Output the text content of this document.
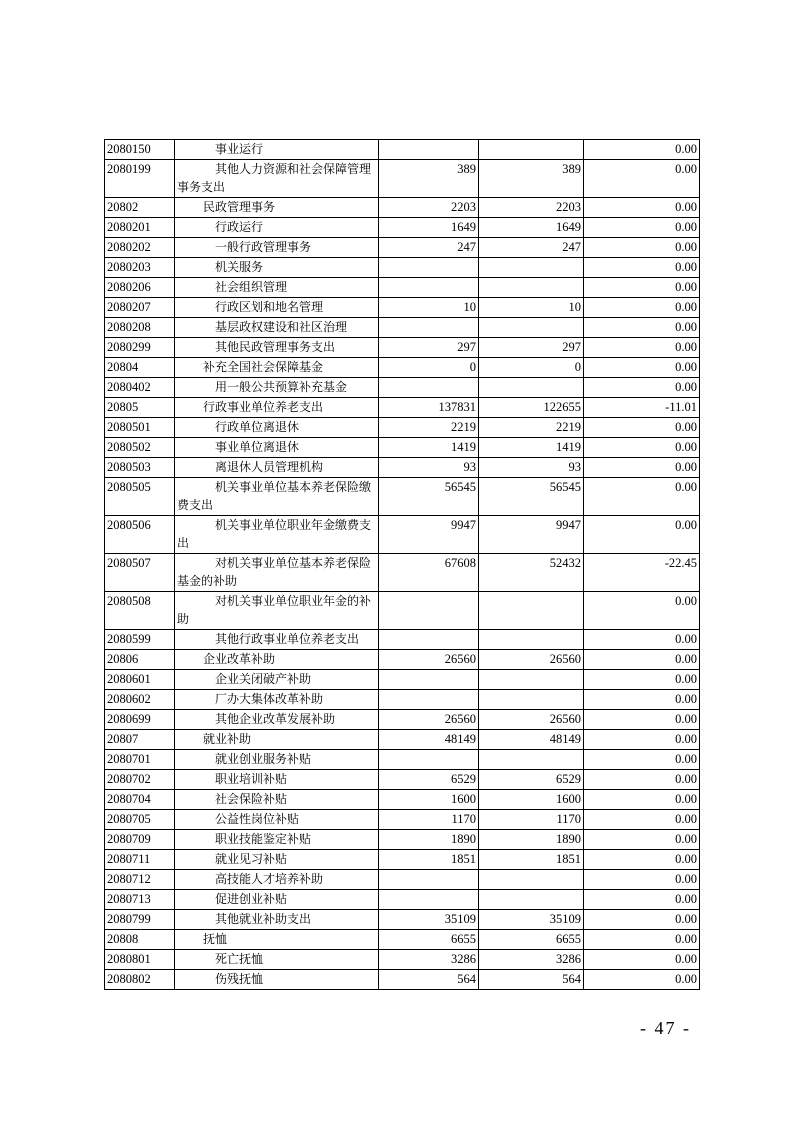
2080150	事业运行			0.00
2080199	其他人力资源和社会保障管理事务支出	389	389	0.00
20802	民政管理事务	2203	2203	0.00
2080201	行政运行	1649	1649	0.00
2080202	一般行政管理事务	247	247	0.00
2080203	机关服务			0.00
2080206	社会组织管理			0.00
2080207	行政区划和地名管理	10	10	0.00
2080208	基层政权建设和社区治理			0.00
2080299	其他民政管理事务支出	297	297	0.00
20804	补充全国社会保障基金	0	0	0.00
2080402	用一般公共预算补充基金			0.00
20805	行政事业单位养老支出	137831	122655	-11.01
2080501	行政单位离退休	2219	2219	0.00
2080502	事业单位离退休	1419	1419	0.00
2080503	离退休人员管理机构	93	93	0.00
2080505	机关事业单位基本养老保险缴费支出	56545	56545	0.00
2080506	机关事业单位职业年金缴费支出	9947	9947	0.00
2080507	对机关事业单位基本养老保险基金的补助	67608	52432	-22.45
2080508	对机关事业单位职业年金的补助			0.00
2080599	其他行政事业单位养老支出			0.00
20806	企业改革补助	26560	26560	0.00
2080601	企业关闭破产补助			0.00
2080602	厂办大集体改革补助			0.00
2080699	其他企业改革发展补助	26560	26560	0.00
20807	就业补助	48149	48149	0.00
2080701	就业创业服务补贴			0.00
2080702	职业培训补贴	6529	6529	0.00
2080704	社会保险补贴	1600	1600	0.00
2080705	公益性岗位补贴	1170	1170	0.00
2080709	职业技能鉴定补贴	1890	1890	0.00
2080711	就业见习补贴	1851	1851	0.00
2080712	高技能人才培养补助			0.00
2080713	促进创业补贴			0.00
2080799	其他就业补助支出	35109	35109	0.00
20808	抚恤	6655	6655	0.00
2080801	死亡抚恤	3286	3286	0.00
2080802	伤残抚恤	564	564	0.00
- 47 -
